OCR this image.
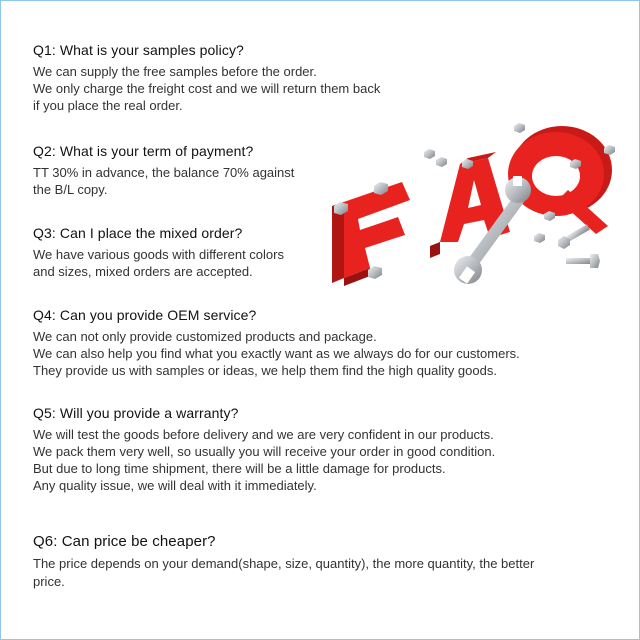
Q1: What is your samples policy?
We can supply the free samples before the order.
We only charge the freight cost and we will return them back
if you place the real order.
Q2: What is your term of payment?
TT 30% in advance, the balance 70% against
the B/L copy.
Q3: Can I place the mixed order?
We have various goods with different colors
and sizes, mixed orders are accepted.
Q4: Can you provide OEM service?
We can not only provide customized products and package.
We can also help you find what you exactly want as we always do for our customers.
They provide us with samples or ideas, we help them find the high quality goods.
Q5: Will you provide a warranty?
We will test the goods before delivery and we are very confident in our products.
We pack them very well, so usually you will receive your order in good condition.
But due to long time shipment, there will be a little damage for products.
Any quality issue, we will deal with it immediately.
Q6: Can price be cheaper?
The price depends on your demand(shape, size, quantity), the more quantity, the better
price.
